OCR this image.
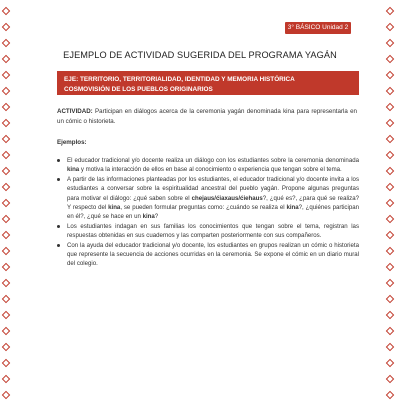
3° BÁSICO Unidad 2
EJEMPLO DE ACTIVIDAD SUGERIDA DEL PROGRAMA YAGÁN
EJE: TERRITORIO, TERRITORIALIDAD, IDENTIDAD Y MEMORIA HISTÓRICA
COSMOVISIÓN DE LOS PUEBLOS ORIGINARIOS
ACTIVIDAD: Participan en diálogos acerca de la ceremonia yagán denominada kina para representarla en un cómic o historieta.
Ejemplos:
El educador tradicional y/o docente realiza un diálogo con los estudiantes sobre la ceremonia denominada kina y motiva la interacción de ellos en base al conocimiento o experiencia que tengan sobre el tema.
A partir de las informaciones planteadas por los estudiantes, el educador tradicional y/o docente invita a los estudiantes a conversar sobre la espiritualidad ancestral del pueblo yagán. Propone algunas preguntas para motivar el diálogo: ¿qué saben sobre el chejaus/ćiaxaus/ćiehaus?, ¿qué es?, ¿para qué se realiza? Y respecto del kina, se pueden formular preguntas como: ¿cuándo se realiza el kina?, ¿quiénes participan en él?, ¿qué se hace en un kina?
Los estudiantes indagan en sus familias los conocimientos que tengan sobre el tema, registran las respuestas obtenidas en sus cuadernos y las comparten posteriormente con sus compañeros.
Con la ayuda del educador tradicional y/o docente, los estudiantes en grupos realizan un cómic o historieta que represente la secuencia de acciones ocurridas en la ceremonia. Se expone el cómic en un diario mural del colegio.
